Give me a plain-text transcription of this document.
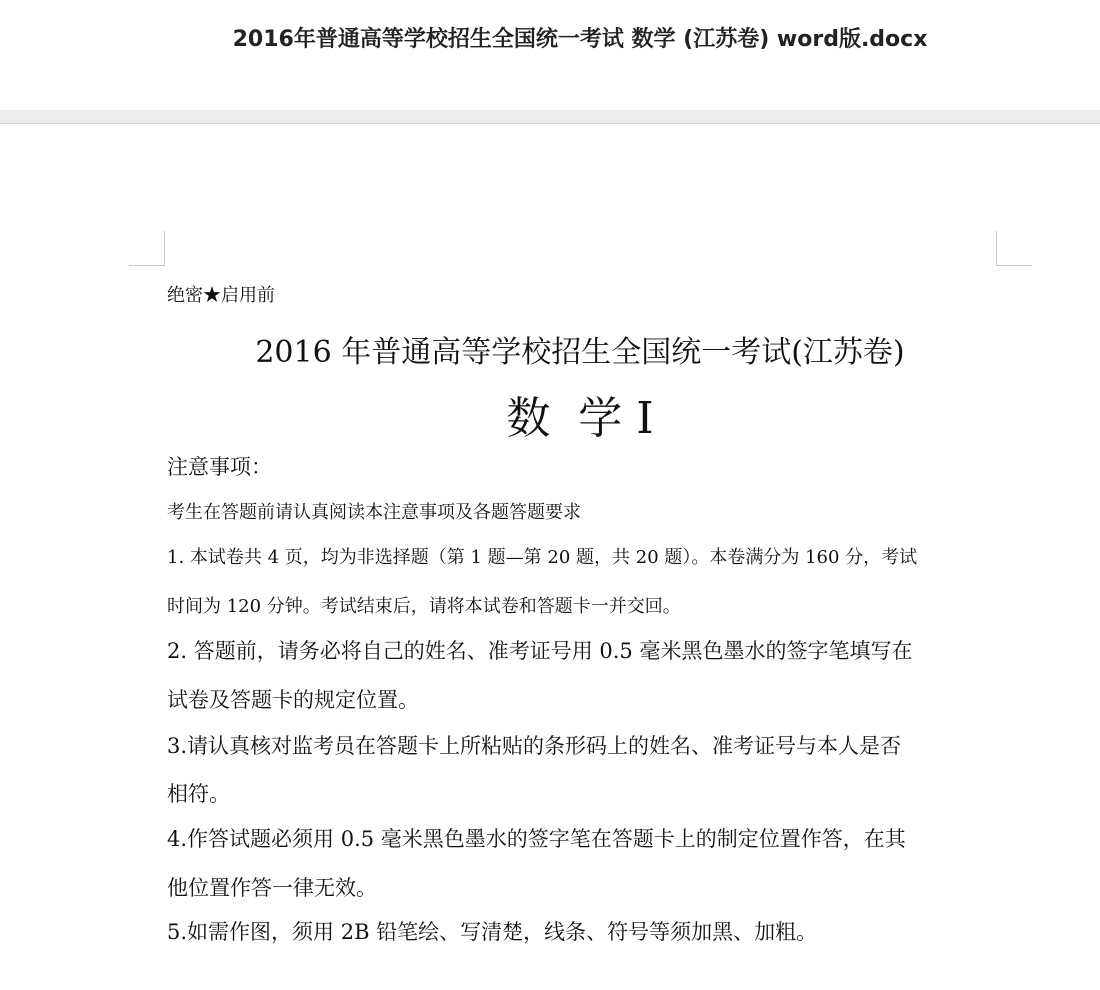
2016年普通高等学校招生全国统一考试 数学 (江苏卷) word版.docx
绝密★启用前
2016 年普通高等学校招生全国统一考试(江苏卷)
数  学 Ⅰ
注意事项：
考生在答题前请认真阅读本注意事项及各题答题要求
1. 本试卷共 4 页，均为非选择题（第 1 题—第 20 题，共 20 题）。本卷满分为 160 分，考试
时间为 120 分钟。考试结束后，请将本试卷和答题卡一并交回。
2. 答题前，请务必将自己的姓名、准考证号用 0.5 毫米黑色墨水的签字笔填写在
试卷及答题卡的规定位置。
3.请认真核对监考员在答题卡上所粘贴的条形码上的姓名、准考证号与本人是否
相符。
4.作答试题必须用 0.5 毫米黑色墨水的签字笔在答题卡上的制定位置作答，在其
他位置作答一律无效。
5.如需作图，须用 2B 铅笔绘、写清楚，线条、符号等须加黑、加粗。
